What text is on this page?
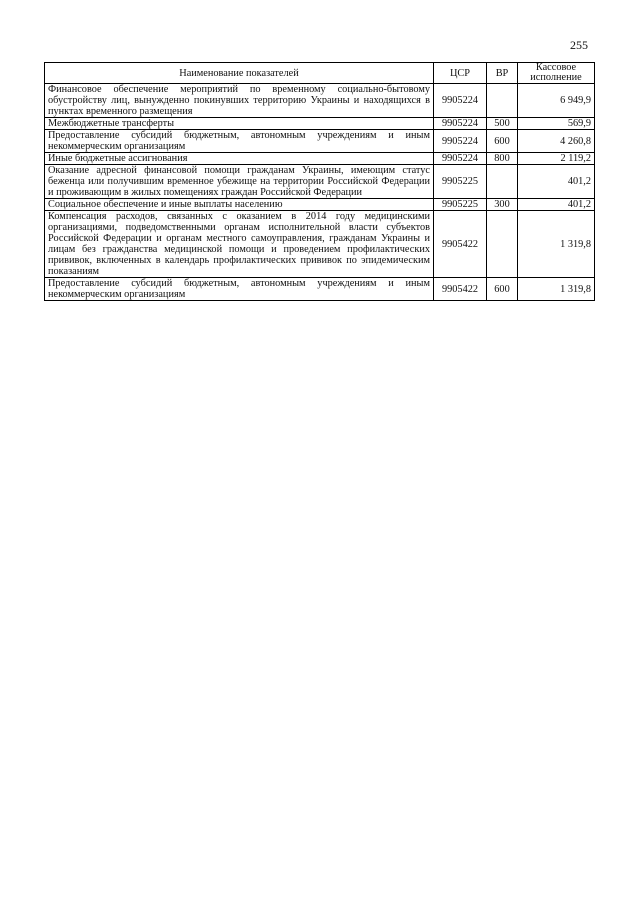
255
Наименование показателей	ЦСР	ВР	Кассовое исполнение
Финансовое обеспечение мероприятий по временному социально-бытовому обустройству лиц, вынужденно покинувших территорию Украины и находящихся в пунктах временного размещения	9905224		6 949,9
Межбюджетные трансферты	9905224	500	569,9
Предоставление субсидий бюджетным, автономным учреждениям и иным некоммерческим организациям	9905224	600	4 260,8
Иные бюджетные ассигнования	9905224	800	2 119,2
Оказание адресной финансовой помощи гражданам Украины, имеющим статус беженца или получившим временное убежище на территории Российской Федерации и проживающим в жилых помещениях граждан Российской Федерации	9905225		401,2
Социальное обеспечение и иные выплаты населению	9905225	300	401,2
Компенсация расходов, связанных с оказанием в 2014 году медицинскими организациями, подведомственными органам исполнительной власти субъектов Российской Федерации и органам местного самоуправления, гражданам Украины и лицам без гражданства медицинской помощи и проведением профилактических прививок, включенных в календарь профилактических прививок по эпидемическим показаниям	9905422		1 319,8
Предоставление субсидий бюджетным, автономным учреждениям и иным некоммерческим организациям	9905422	600	1 319,8
